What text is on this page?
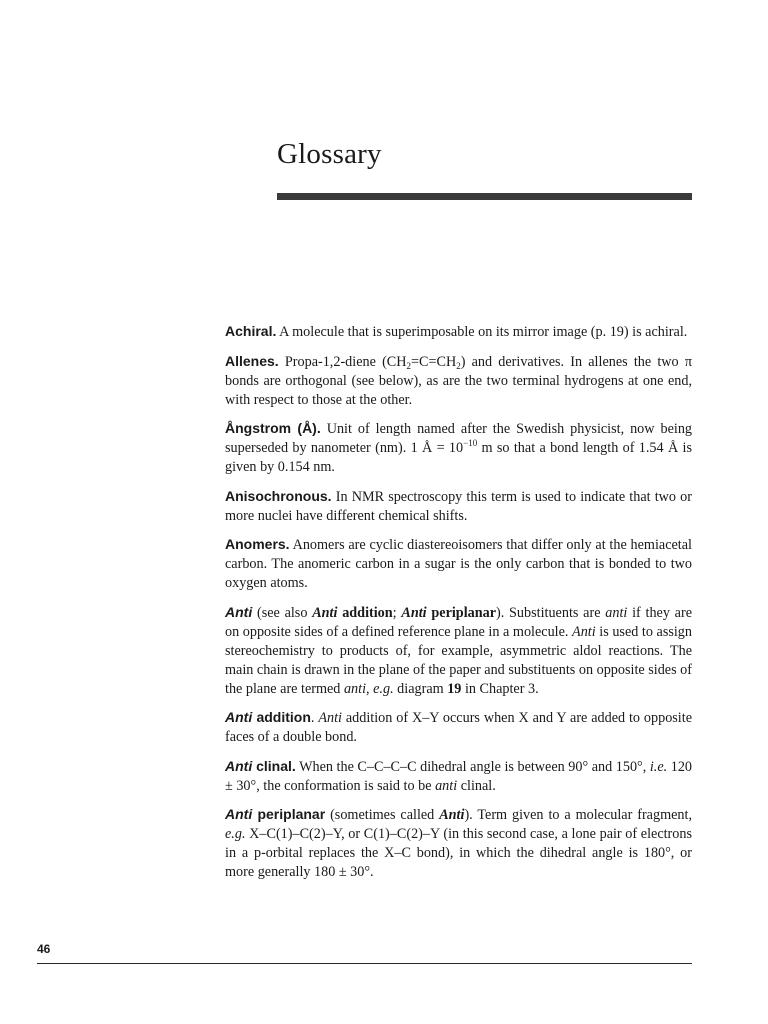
Glossary

Achiral. A molecule that is superimposable on its mirror image (p. 19) is achiral.

Allenes. Propa-1,2-diene $(CH_2=C=CH_2)$ and derivatives. In allenes the two π bonds are orthogonal (see below), as are the two terminal hydrogens at one end, with respect to those at the other.

Ångstrom (Å). Unit of length named after the Swedish physicist, now being superseded by nanometer (nm). 1 Å = $10^{-10}$ m so that a bond length of 1.54 Å is given by 0.154 nm.

Anisochronous. In NMR spectroscopy this term is used to indicate that two or more nuclei have different chemical shifts.

Anomers. Anomers are cyclic diastereoisomers that differ only at the hemiacetal carbon. The anomeric carbon in a sugar is the only carbon that is bonded to two oxygen atoms.

Anti (see also Anti addition; Anti periplanar). Substituents are anti if they are on opposite sides of a defined reference plane in a molecule. Anti is used to assign stereochemistry to products of, for example, asymmetric aldol reactions. The main chain is drawn in the plane of the paper and substituents on opposite sides of the plane are termed anti, e.g. diagram 19 in Chapter 3.

Anti addition. Anti addition of X–Y occurs when X and Y are added to opposite faces of a double bond.

Anti clinal. When the C–C–C–C dihedral angle is between 90° and 150°, i.e. 120 ± 30°, the conformation is said to be anti clinal.

Anti periplanar (sometimes called Anti). Term given to a molecular fragment, e.g. X–C(1)–C(2)–Y, or C(1)–C(2)–Y (in this second case, a lone pair of electrons in a p-orbital replaces the X–C bond), in which the dihedral angle is 180°, or more generally 180 ± 30°.

46
